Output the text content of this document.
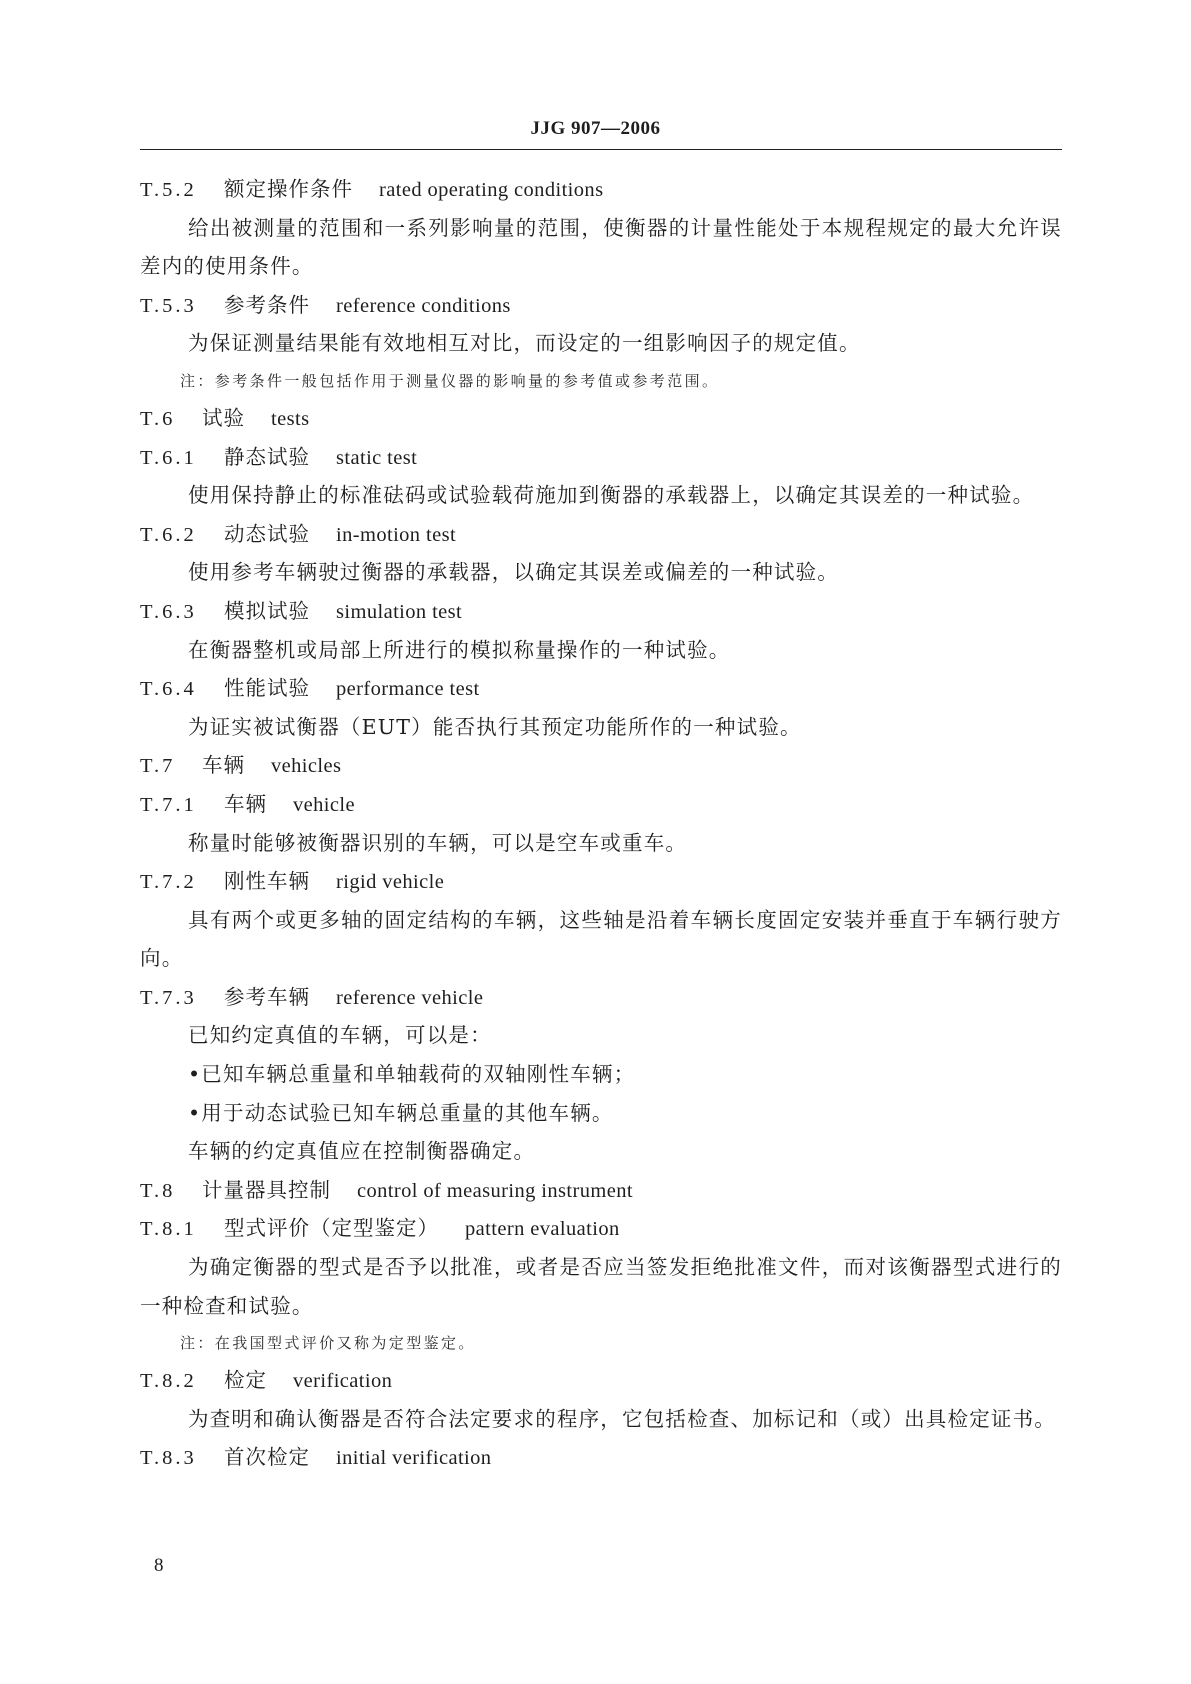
JJG 907—2006
T.5.2 额定操作条件 rated operating conditions
给出被测量的范围和一系列影响量的范围，使衡器的计量性能处于本规程规定的最大允许误差内的使用条件。
T.5.3 参考条件 reference conditions
为保证测量结果能有效地相互对比，而设定的一组影响因子的规定值。
注：参考条件一般包括作用于测量仪器的影响量的参考值或参考范围。
T.6 试验 tests
T.6.1 静态试验 static test
使用保持静止的标准砝码或试验载荷施加到衡器的承载器上，以确定其误差的一种试验。
T.6.2 动态试验 in-motion test
使用参考车辆驶过衡器的承载器，以确定其误差或偏差的一种试验。
T.6.3 模拟试验 simulation test
在衡器整机或局部上所进行的模拟称量操作的一种试验。
T.6.4 性能试验 performance test
为证实被试衡器（EUT）能否执行其预定功能所作的一种试验。
T.7 车辆 vehicles
T.7.1 车辆 vehicle
称量时能够被衡器识别的车辆，可以是空车或重车。
T.7.2 刚性车辆 rigid vehicle
具有两个或更多轴的固定结构的车辆，这些轴是沿着车辆长度固定安装并垂直于车辆行驶方向。
T.7.3 参考车辆 reference vehicle
已知约定真值的车辆，可以是：
•已知车辆总重量和单轴载荷的双轴刚性车辆；
•用于动态试验已知车辆总重量的其他车辆。
车辆的约定真值应在控制衡器确定。
T.8 计量器具控制 control of measuring instrument
T.8.1 型式评价（定型鉴定） pattern evaluation
为确定衡器的型式是否予以批准，或者是否应当签发拒绝批准文件，而对该衡器型式进行的一种检查和试验。
注：在我国型式评价又称为定型鉴定。
T.8.2 检定 verification
为查明和确认衡器是否符合法定要求的程序，它包括检查、加标记和（或）出具检定证书。
T.8.3 首次检定 initial verification
8
